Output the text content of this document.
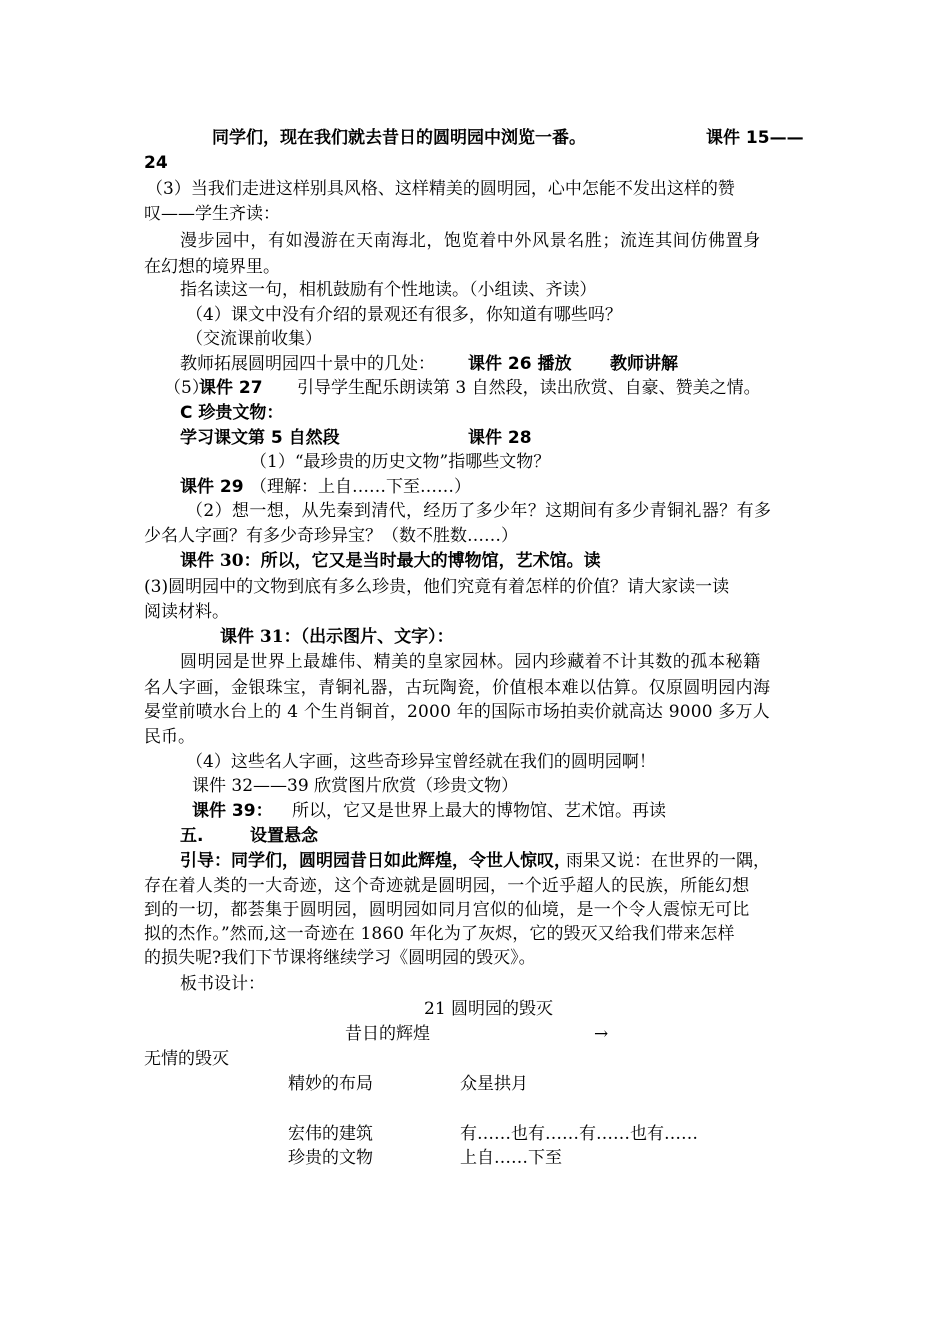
同学们，现在我们就去昔日的圆明园中浏览一番。	课件 15——
24
（3）当我们走进这样别具风格、这样精美的圆明园，心中怎能不发出这样的赞
叹——学生齐读：
漫步园中，有如漫游在天南海北，饱览着中外风景名胜；流连其间仿佛置身
在幻想的境界里。
指名读这一句，相机鼓励有个性地读。（小组读、齐读）
（4）课文中没有介绍的景观还有很多，你知道有哪些吗？
（交流课前收集）
教师拓展圆明园四十景中的几处： 课件 26 播放 教师讲解
（5）
课件 27 引导学生配乐朗读第 3 自然段，读出欣赏、自豪、赞美之情。
C 珍贵文物：
学习课文第 5 自然段	课件 28
（1）“最珍贵的历史文物”指哪些文物？
课件 29 （理解：上自……下至……）
（2）想一想，从先秦到清代，经历了多少年？这期间有多少青铜礼器？有多
少名人字画？有多少奇珍异宝？（数不胜数……）
课件 30：所以，它又是当时最大的博物馆，艺术馆。读
(3)圆明园中的文物到底有多么珍贵，他们究竟有着怎样的价值？请大家读一读
阅读材料。
课件 31：（出示图片、文字）：
圆明园是世界上最雄伟、精美的皇家园林。园内珍藏着不计其数的孤本秘籍
名人字画，金银珠宝，青铜礼器，古玩陶瓷，价值根本难以估算。仅原圆明园内海
晏堂前喷水台上的 4 个生肖铜首，2000 年的国际市场拍卖价就高达 9000 多万人
民币。
（4）这些名人字画，这些奇珍异宝曾经就在我们的圆明园啊！
课件 32——39 欣赏图片欣赏（珍贵文物）
课件 39： 所以，它又是世界上最大的博物馆、艺术馆。再读
五.	设置悬念
引导：同学们，圆明园昔日如此辉煌，令世人惊叹，
雨果又说：在世界的一隅，
存在着人类的一大奇迹，这个奇迹就是圆明园，一个近乎超人的民族，所能幻想
到的一切，都荟集于圆明园，圆明园如同月宫似的仙境，是一个令人震惊无可比
拟的杰作。”然而,这一奇迹在 1860 年化为了灰烬，它的毁灭又给我们带来怎样
的损失呢?我们下节课将继续学习《圆明园的毁灭》。
板书设计：
21 圆明园的毁灭
昔日的辉煌	→
无情的毁灭
精妙的布局	众星拱月
宏伟的建筑	有……也有……有……也有……
珍贵的文物	上自……下至
